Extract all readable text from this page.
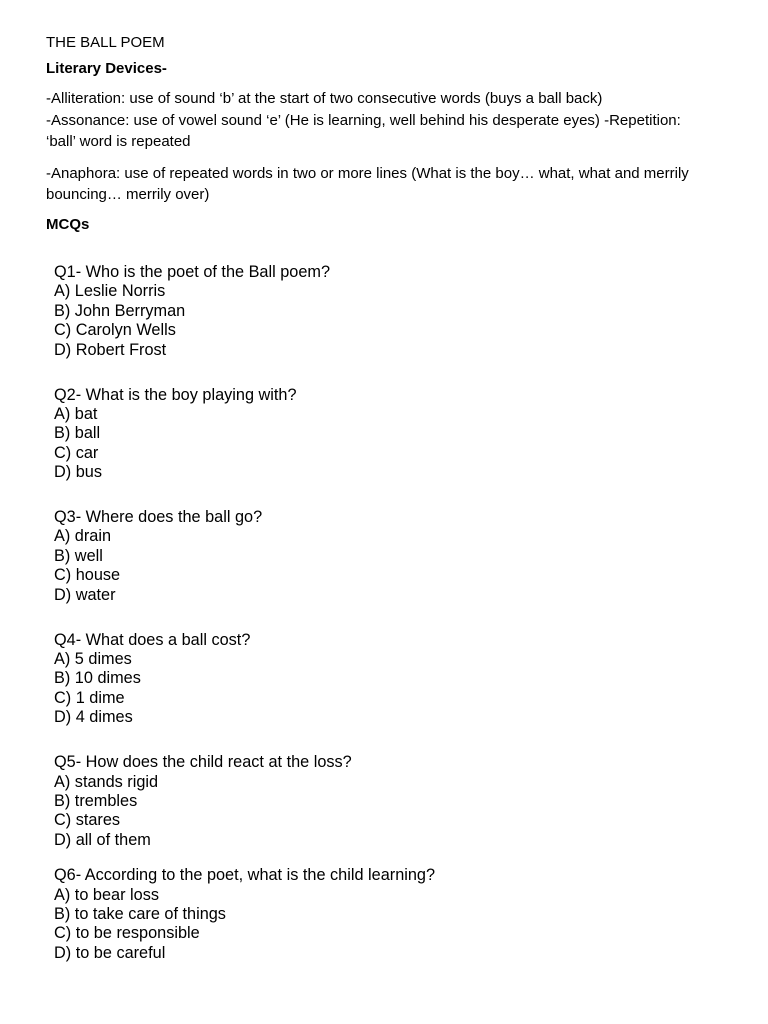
THE BALL POEM
Literary Devices-
-Alliteration: use of sound ‘b’ at the start of two consecutive words (buys a ball back)
-Assonance: use of vowel sound ‘e’ (He is learning, well behind his desperate eyes) -Repetition:
‘ball’ word is repeated
-Anaphora: use of repeated words in two or more lines (What is the boy… what, what and merrily
bouncing… merrily over)
MCQs
Q1- Who is the poet of the Ball poem?
A) Leslie Norris
B) John Berryman
C) Carolyn Wells
D) Robert Frost
Q2- What is the boy playing with?
A) bat
B) ball
C) car
D) bus
Q3- Where does the ball go?
A) drain
B) well
C) house
D) water
Q4- What does a ball cost?
A) 5 dimes
B) 10 dimes
C) 1 dime
D) 4 dimes
Q5- How does the child react at the loss?
A) stands rigid
B) trembles
C) stares
D) all of them
Q6- According to the poet, what is the child learning?
A) to bear loss
B) to take care of things
C) to be responsible
D) to be careful
